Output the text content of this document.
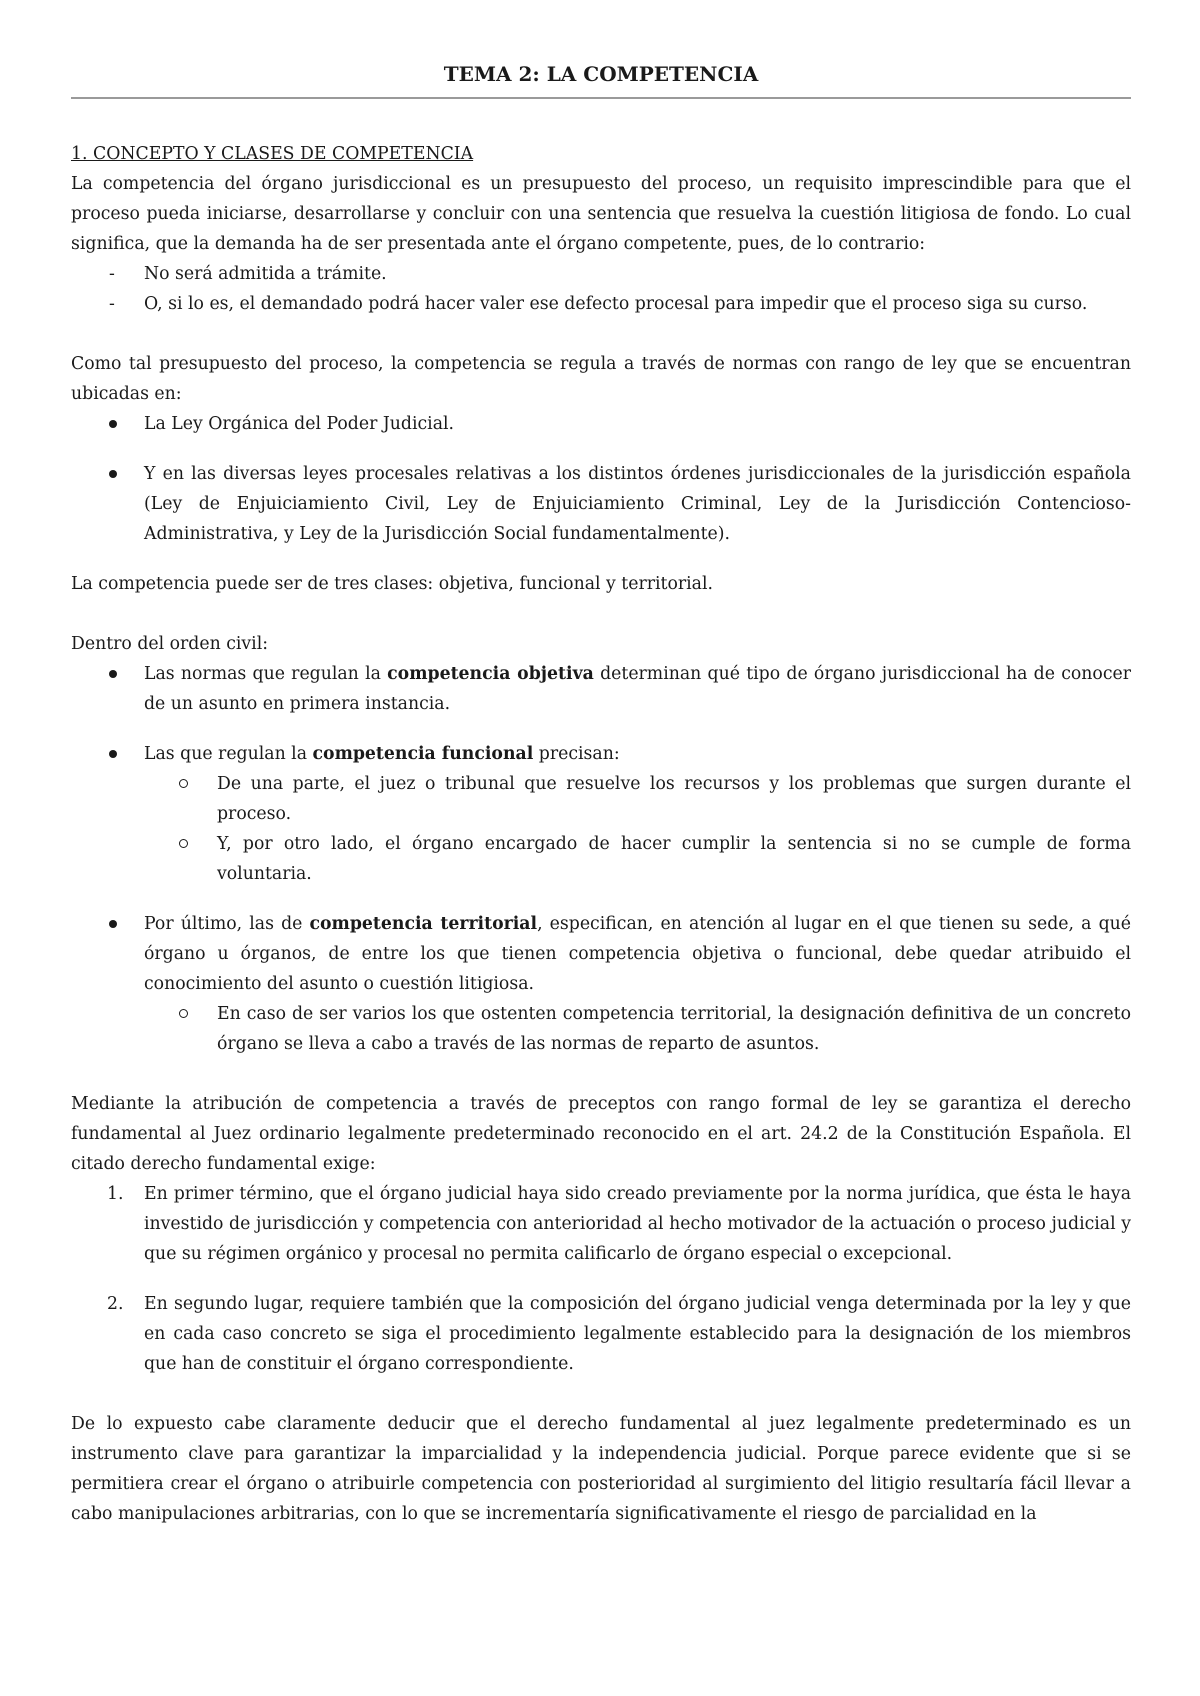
TEMA 2: LA COMPETENCIA
1. CONCEPTO Y CLASES DE COMPETENCIA

La competencia del órgano jurisdiccional es un presupuesto del proceso, un requisito imprescindible para que el proceso pueda iniciarse, desarrollarse y concluir con una sentencia que resuelva la cuestión litigiosa de fondo. Lo cual significa, que la demanda ha de ser presentada ante el órgano competente, pues, de lo contrario:

- No será admitida a trámite.
- O, si lo es, el demandado podrá hacer valer ese defecto procesal para impedir que el proceso siga su curso.

Como tal presupuesto del proceso, la competencia se regula a través de normas con rango de ley que se encuentran ubicadas en:

La Ley Orgánica del Poder Judicial.
Y en las diversas leyes procesales relativas a los distintos órdenes jurisdiccionales de la jurisdicción española (Ley de Enjuiciamiento Civil, Ley de Enjuiciamiento Criminal, Ley de la Jurisdicción Contencioso-Administrativa, y Ley de la Jurisdicción Social fundamentalmente).

La competencia puede ser de tres clases: objetiva, funcional y territorial.

Dentro del orden civil:

Las normas que regulan la competencia objetiva determinan qué tipo de órgano jurisdiccional ha de conocer de un asunto en primera instancia.
Las que regulan la competencia funcional precisan:
De una parte, el juez o tribunal que resuelve los recursos y los problemas que surgen durante el proceso.
Y, por otro lado, el órgano encargado de hacer cumplir la sentencia si no se cumple de forma voluntaria.
Por último, las de competencia territorial, especifican, en atención al lugar en el que tienen su sede, a qué órgano u órganos, de entre los que tienen competencia objetiva o funcional, debe quedar atribuido el conocimiento del asunto o cuestión litigiosa.
En caso de ser varios los que ostenten competencia territorial, la designación definitiva de un concreto órgano se lleva a cabo a través de las normas de reparto de asuntos.

Mediante la atribución de competencia a través de preceptos con rango formal de ley se garantiza el derecho fundamental al Juez ordinario legalmente predeterminado reconocido en el art. 24.2 de la Constitución Española. El citado derecho fundamental exige:

1. En primer término, que el órgano judicial haya sido creado previamente por la norma jurídica, que ésta le haya investido de jurisdicción y competencia con anterioridad al hecho motivador de la actuación o proceso judicial y que su régimen orgánico y procesal no permita calificarlo de órgano especial o excepcional.
2. En segundo lugar, requiere también que la composición del órgano judicial venga determinada por la ley y que en cada caso concreto se siga el procedimiento legalmente establecido para la designación de los miembros que han de constituir el órgano correspondiente.

De lo expuesto cabe claramente deducir que el derecho fundamental al juez legalmente predeterminado es un instrumento clave para garantizar la imparcialidad y la independencia judicial. Porque parece evidente que si se permitiera crear el órgano o atribuirle competencia con posterioridad al surgimiento del litigio resultaría fácil llevar a cabo manipulaciones arbitrarias, con lo que se incrementaría significativamente el riesgo de parcialidad en la
